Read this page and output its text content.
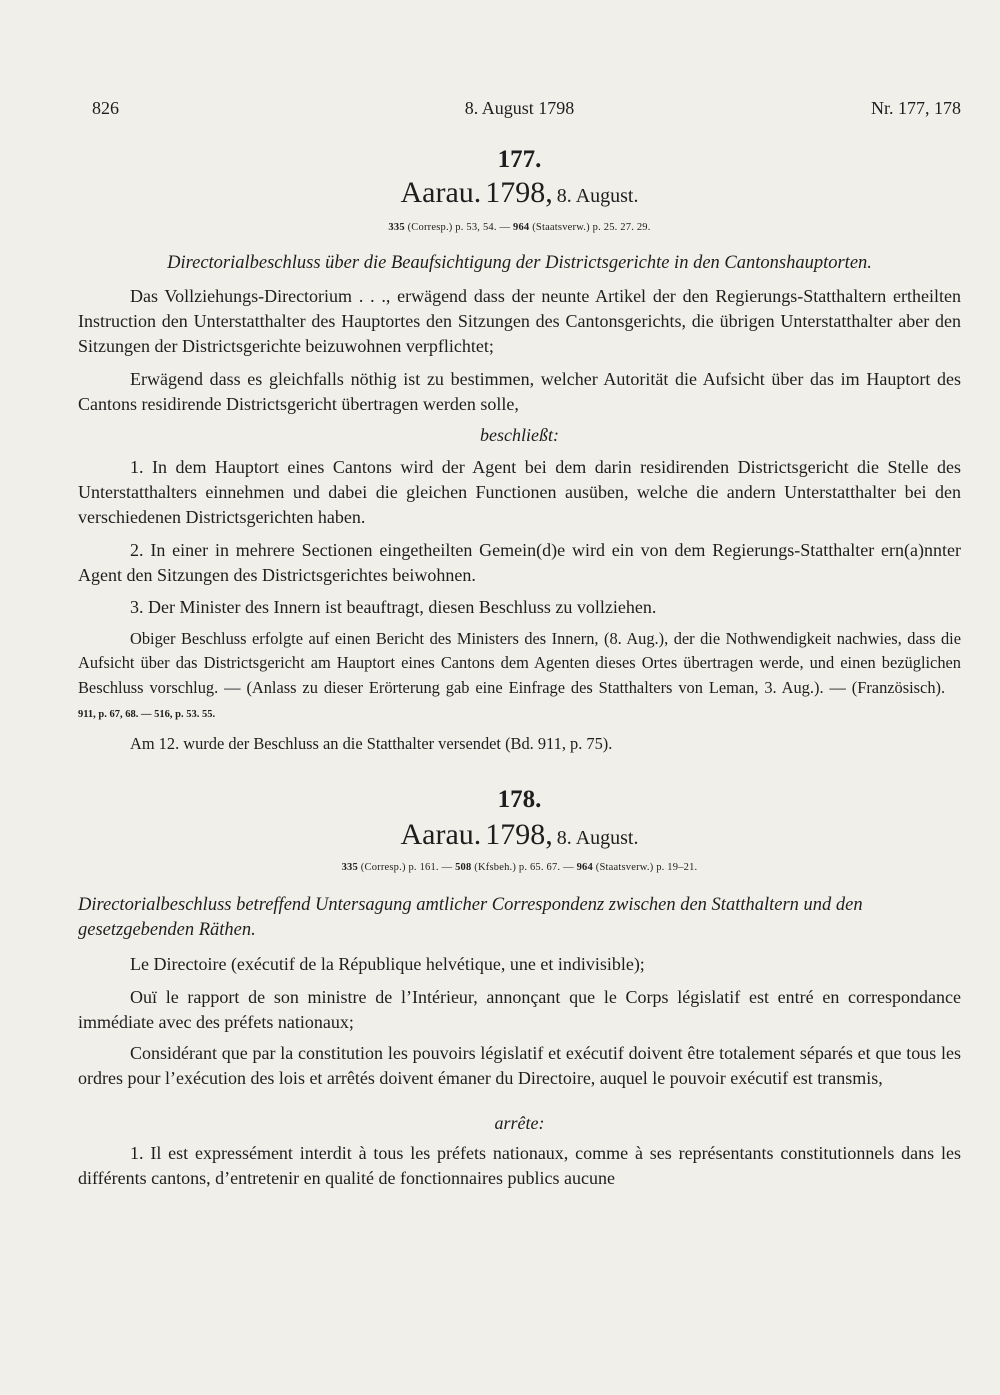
826	8. August 1798	Nr. 177, 178
177.
Aarau. 1798, 8. August.
335 (Corresp.) p. 53, 54. — 964 (Staatsverw.) p. 25. 27. 29.
Directorialbeschluss über die Beaufsichtigung der Districtsgerichte in den Cantonshauptorten.
Das Vollziehungs-Directorium . . ., erwägend dass der neunte Artikel der den Regierungs-Statthaltern ertheilten Instruction den Unterstatthalter des Hauptortes den Sitzungen des Cantonsgerichts, die übrigen Unterstatthalter aber den Sitzungen der Districtsgerichte beizuwohnen verpflichtet;
Erwägend dass es gleichfalls nöthig ist zu bestimmen, welcher Autorität die Aufsicht über das im Hauptort des Cantons residirende Districtsgericht übertragen werden solle,
beschließt:
1. In dem Hauptort eines Cantons wird der Agent bei dem darin residirenden Districtsgericht die Stelle des Unterstatthalters einnehmen und dabei die gleichen Functionen ausüben, welche die andern Unterstatthalter bei den verschiedenen Districtsgerichten haben.
2. In einer in mehrere Sectionen eingetheilten Gemein(d)e wird ein von dem Regierungs-Statthalter ern(a)nnter Agent den Sitzungen des Districtsgerichtes beiwohnen.
3. Der Minister des Innern ist beauftragt, diesen Beschluss zu vollziehen.
Obiger Beschluss erfolgte auf einen Bericht des Ministers des Innern, (8. Aug.), der die Nothwendigkeit nachwies, dass die Aufsicht über das Districtsgericht am Hauptort eines Cantons dem Agenten dieses Ortes übertragen werde, und einen bezüglichen Beschluss vorschlug. — (Anlass zu dieser Erörterung gab eine Einfrage des Statthalters von Leman, 3. Aug.). — (Französisch).    911, p. 67, 68. — 516, p. 53. 55.
Am 12. wurde der Beschluss an die Statthalter versendet (Bd. 911, p. 75).
178.
Aarau. 1798, 8. August.
335 (Corresp.) p. 161. — 508 (Kfsbeh.) p. 65. 67. — 964 (Staatsverw.) p. 19–21.
Directorialbeschluss betreffend Untersagung amtlicher Correspondenz zwischen den Statthaltern und den gesetzgebenden Räthen.
Le Directoire (exécutif de la République helvétique, une et indivisible);
Ouï le rapport de son ministre de l’Intérieur, annonçant que le Corps législatif est entré en correspondance immédiate avec des préfets nationaux;
Considérant que par la constitution les pouvoirs législatif et exécutif doivent être totalement séparés et que tous les ordres pour l’exécution des lois et arrêtés doivent émaner du Directoire, auquel le pouvoir exécutif est transmis,
arrête:
1. Il est expressément interdit à tous les préfets nationaux, comme à ses représentants constitutionnels dans les différents cantons, d’entretenir en qualité de fonctionnaires publics aucune
